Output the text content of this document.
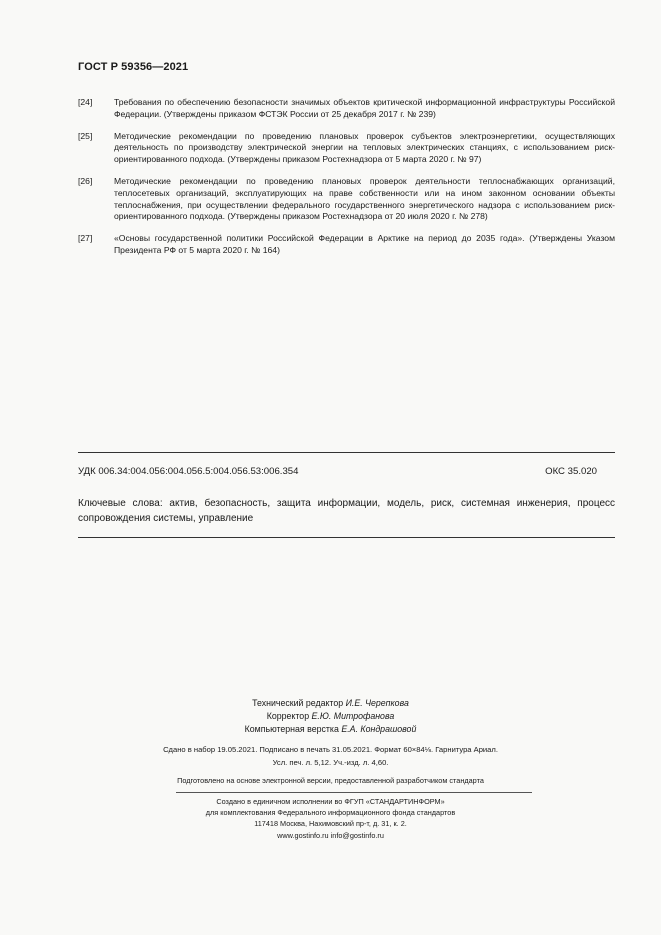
ГОСТ Р 59356—2021
[24]	Требования по обеспечению безопасности значимых объектов критической информационной инфраструктуры Российской Федерации. (Утверждены приказом ФСТЭК России от 25 декабря 2017 г. № 239)
[25]	Методические рекомендации по проведению плановых проверок субъектов электроэнергетики, осуществляющих деятельность по производству электрической энергии на тепловых электрических станциях, с использованием риск-ориентированного подхода. (Утверждены приказом Ростехнадзора от 5 марта 2020 г. № 97)
[26]	Методические рекомендации по проведению плановых проверок деятельности теплоснабжающих организаций, теплосетевых организаций, эксплуатирующих на праве собственности или на ином законном основании объекты теплоснабжения, при осуществлении федерального государственного энергетического надзора с использованием риск-ориентированного подхода. (Утверждены приказом Ростехнадзора от 20 июля 2020 г. № 278)
[27]	«Основы государственной политики Российской Федерации в Арктике на период до 2035 года». (Утверждены Указом Президента РФ от 5 марта 2020 г. № 164)
УДК 006.34:004.056:004.056.5:004.056.53:006.354	ОКС 35.020
Ключевые слова: актив, безопасность, защита информации, модель, риск, системная инженерия, процесс сопровождения системы, управление
Технический редактор И.Е. Черепкова
Корректор Е.Ю. Митрофанова
Компьютерная верстка Е.А. Кондрашовой
Сдано в набор 19.05.2021. Подписано в печать 31.05.2021. Формат 60×84⅛. Гарнитура Ариал.
Усл. печ. л. 5,12. Уч.-изд. л. 4,60.
Подготовлено на основе электронной версии, предоставленной разработчиком стандарта
Создано в единичном исполнении во ФГУП «СТАНДАРТИНФОРМ»
для комплектования Федерального информационного фонда стандартов
117418 Москва, Нахимовский пр-т, д. 31, к. 2.
www.gostinfo.ru info@gostinfo.ru
